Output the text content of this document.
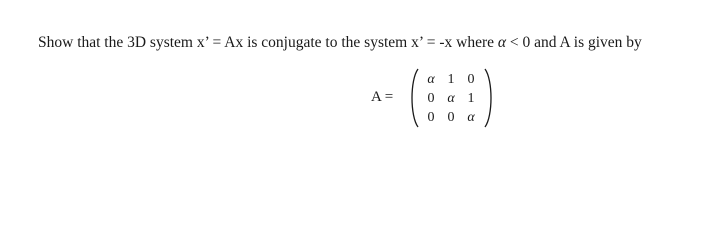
Show that the 3D system x’ = Ax is conjugate to the system x’ = -x where α < 0 and A is given by
A =
α 1 0
0 α 1
0 0 α
